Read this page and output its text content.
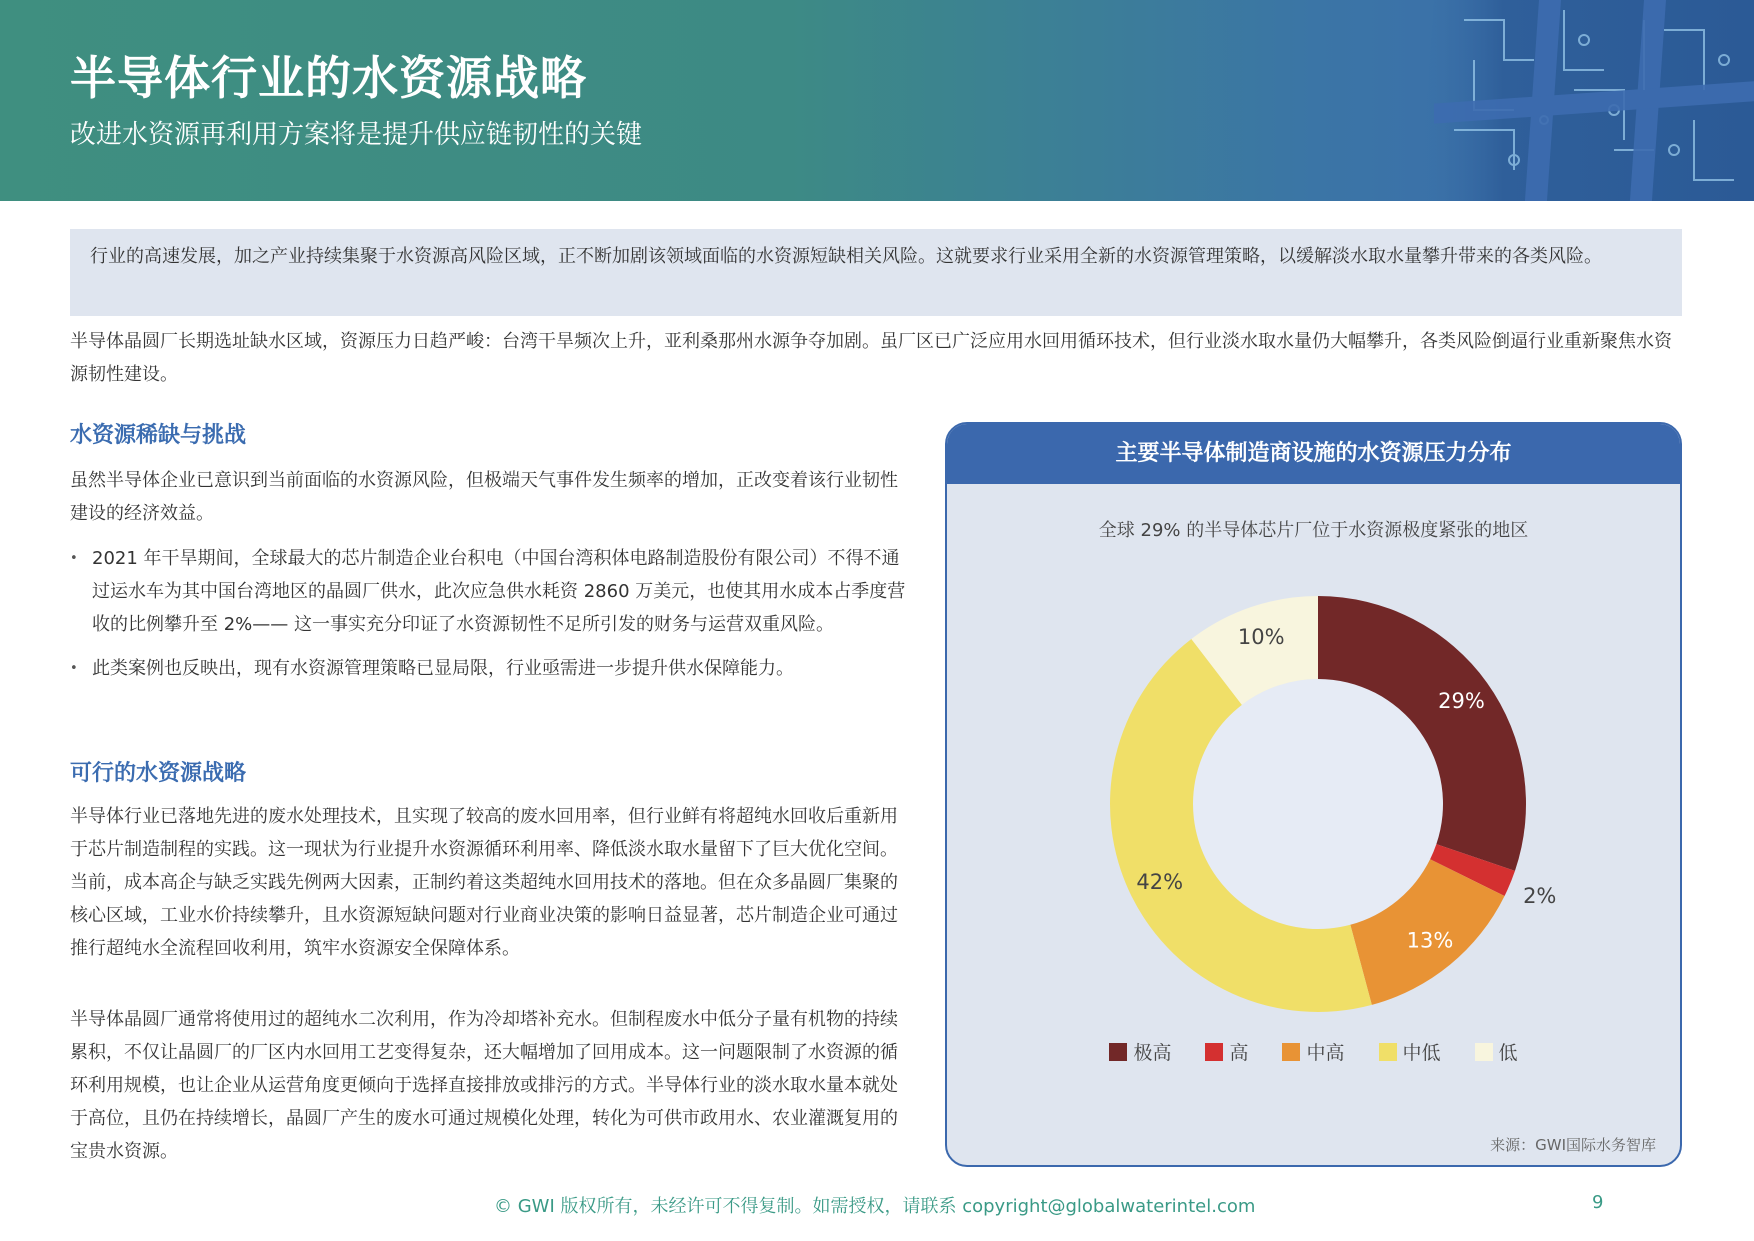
半导体行业的水资源战略
改进水资源再利用方案将是提升供应链韧性的关键
行业的高速发展，加之产业持续集聚于水资源高风险区域，正不断加剧该领域面临的水资源短缺相关风险。这就要求行业采用全新的水资源管理策略，以缓解淡水取水量攀升带来的各类风险。
半导体晶圆厂长期选址缺水区域，资源压力日趋严峻：台湾干旱频次上升，亚利桑那州水源争夺加剧。虽厂区已广泛应用水回用循环技术，但行业淡水取水量仍大幅攀升，各类风险倒逼行业重新聚焦水资源韧性建设。
水资源稀缺与挑战
虽然半导体企业已意识到当前面临的水资源风险，但极端天气事件发生频率的增加，正改变着该行业韧性建设的经济效益。
• 2021 年干旱期间，全球最大的芯片制造企业台积电（中国台湾积体电路制造股份有限公司）不得不通过运水车为其中国台湾地区的晶圆厂供水，此次应急供水耗资 2860 万美元，也使其用水成本占季度营收的比例攀升至 2%—— 这一事实充分印证了水资源韧性不足所引发的财务与运营双重风险。
• 此类案例也反映出，现有水资源管理策略已显局限，行业亟需进一步提升供水保障能力。
可行的水资源战略
半导体行业已落地先进的废水处理技术，且实现了较高的废水回用率，但行业鲜有将超纯水回收后重新用于芯片制造制程的实践。这一现状为行业提升水资源循环利用率、降低淡水取水量留下了巨大优化空间。当前，成本高企与缺乏实践先例两大因素，正制约着这类超纯水回用技术的落地。但在众多晶圆厂集聚的核心区域，工业水价持续攀升，且水资源短缺问题对行业商业决策的影响日益显著，芯片制造企业可通过推行超纯水全流程回收利用，筑牢水资源安全保障体系。
半导体晶圆厂通常将使用过的超纯水二次利用，作为冷却塔补充水。但制程废水中低分子量有机物的持续累积，不仅让晶圆厂的厂区内水回用工艺变得复杂，还大幅增加了回用成本。这一问题限制了水资源的循环利用规模，也让企业从运营角度更倾向于选择直接排放或排污的方式。半导体行业的淡水取水量本就处于高位，且仍在持续增长，晶圆厂产生的废水可通过规模化处理，转化为可供市政用水、农业灌溉复用的宝贵水资源。
主要半导体制造商设施的水资源压力分布
全球 29% 的半导体芯片厂位于水资源极度紧张的地区
29%
2%
13%
42%
10%
极高	高	中高	中低	低
来源：GWI国际水务智库
© GWI 版权所有，未经许可不得复制。如需授权，请联系 copyright@globalwaterintel.com	9
